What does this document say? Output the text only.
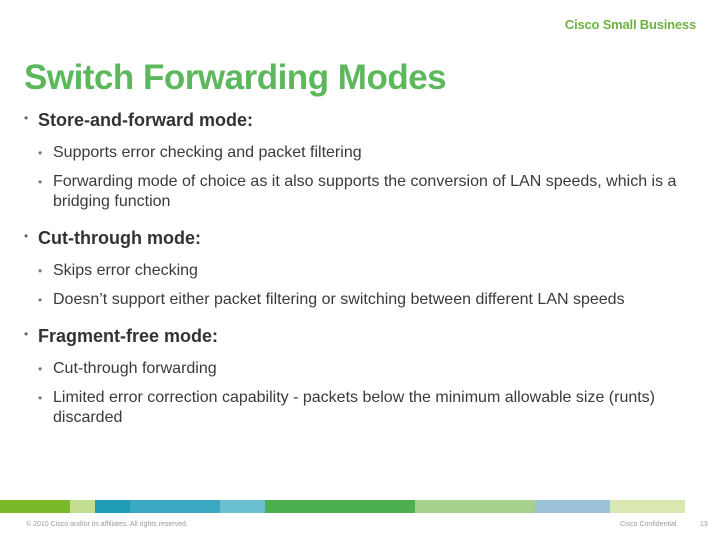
Cisco Small Business
Switch Forwarding Modes
• Store-and-forward mode:
• Supports error checking and packet filtering
• Forwarding mode of choice as it also supports the conversion of LAN speeds, which is a bridging function
• Cut-through mode:
• Skips error checking
• Doesn’t support either packet filtering or switching between different LAN speeds
• Fragment-free mode:
• Cut-through forwarding
• Limited error correction capability - packets below the minimum allowable size (runts) discarded
© 2010 Cisco and/or its affiliates. All rights reserved.	Cisco Confidential	13
